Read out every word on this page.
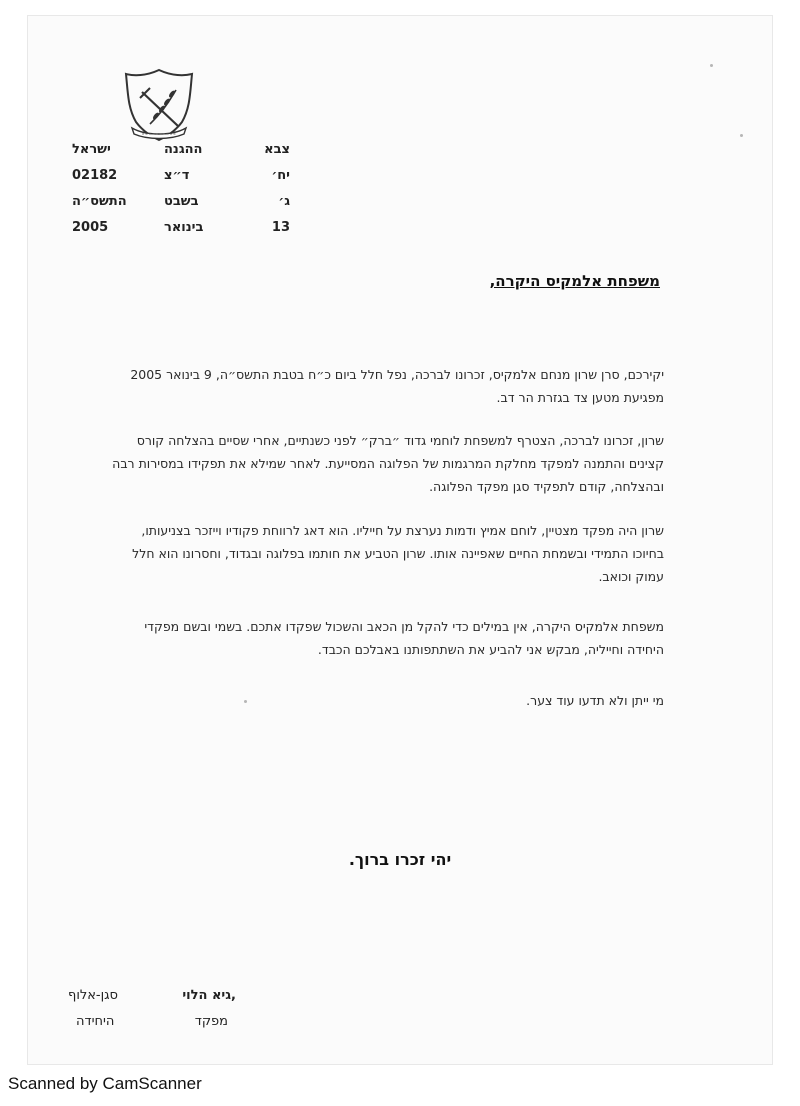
צבא
ההגנה
ישראל
יח׳
ד״צ
02182
ג׳
בשבט
התשס״ה
13
בינואר
2005
משפחת אלמקיס היקרה,

יקירכם, סרן שרון מנחם אלמקיס, זכרונו לברכה, נפל חלל ביום כ״ח בטבת התשס״ה, 9 בינואר 2005 מפגיעת מטען צד בגזרת הר דב.

שרון, זכרונו לברכה, הצטרף למשפחת לוחמי גדוד ״ברק״ לפני כשנתיים, אחרי שסיים בהצלחה קורס קצינים והתמנה למפקד מחלקת המרגמות של הפלוגה המסייעת. לאחר שמילא את תפקידו במסירות רבה ובהצלחה, קודם לתפקיד סגן מפקד הפלוגה.

שרון היה מפקד מצטיין, לוחם אמיץ ודמות נערצת על חייליו. הוא דאג לרווחת פקודיו וייזכר בצניעותו, בחיוכו התמידי ובשמחת החיים שאפיינה אותו. שרון הטביע את חותמו בפלוגה ובגדוד, וחסרונו הוא חלל עמוק וכואב.

משפחת אלמקיס היקרה, אין במילים כדי להקל מן הכאב והשכול שפקדו אתכם. בשמי ובשם מפקדי היחידה וחייליה, מבקש אני להביע את השתתפותנו באבלכם הכבד.

מי ייתן ולא תדעו עוד צער.

יהי זכרו ברוך.
גיא הלוי,
סגן-אלוף
מפקד
היחידה
Scanned by CamScanner
